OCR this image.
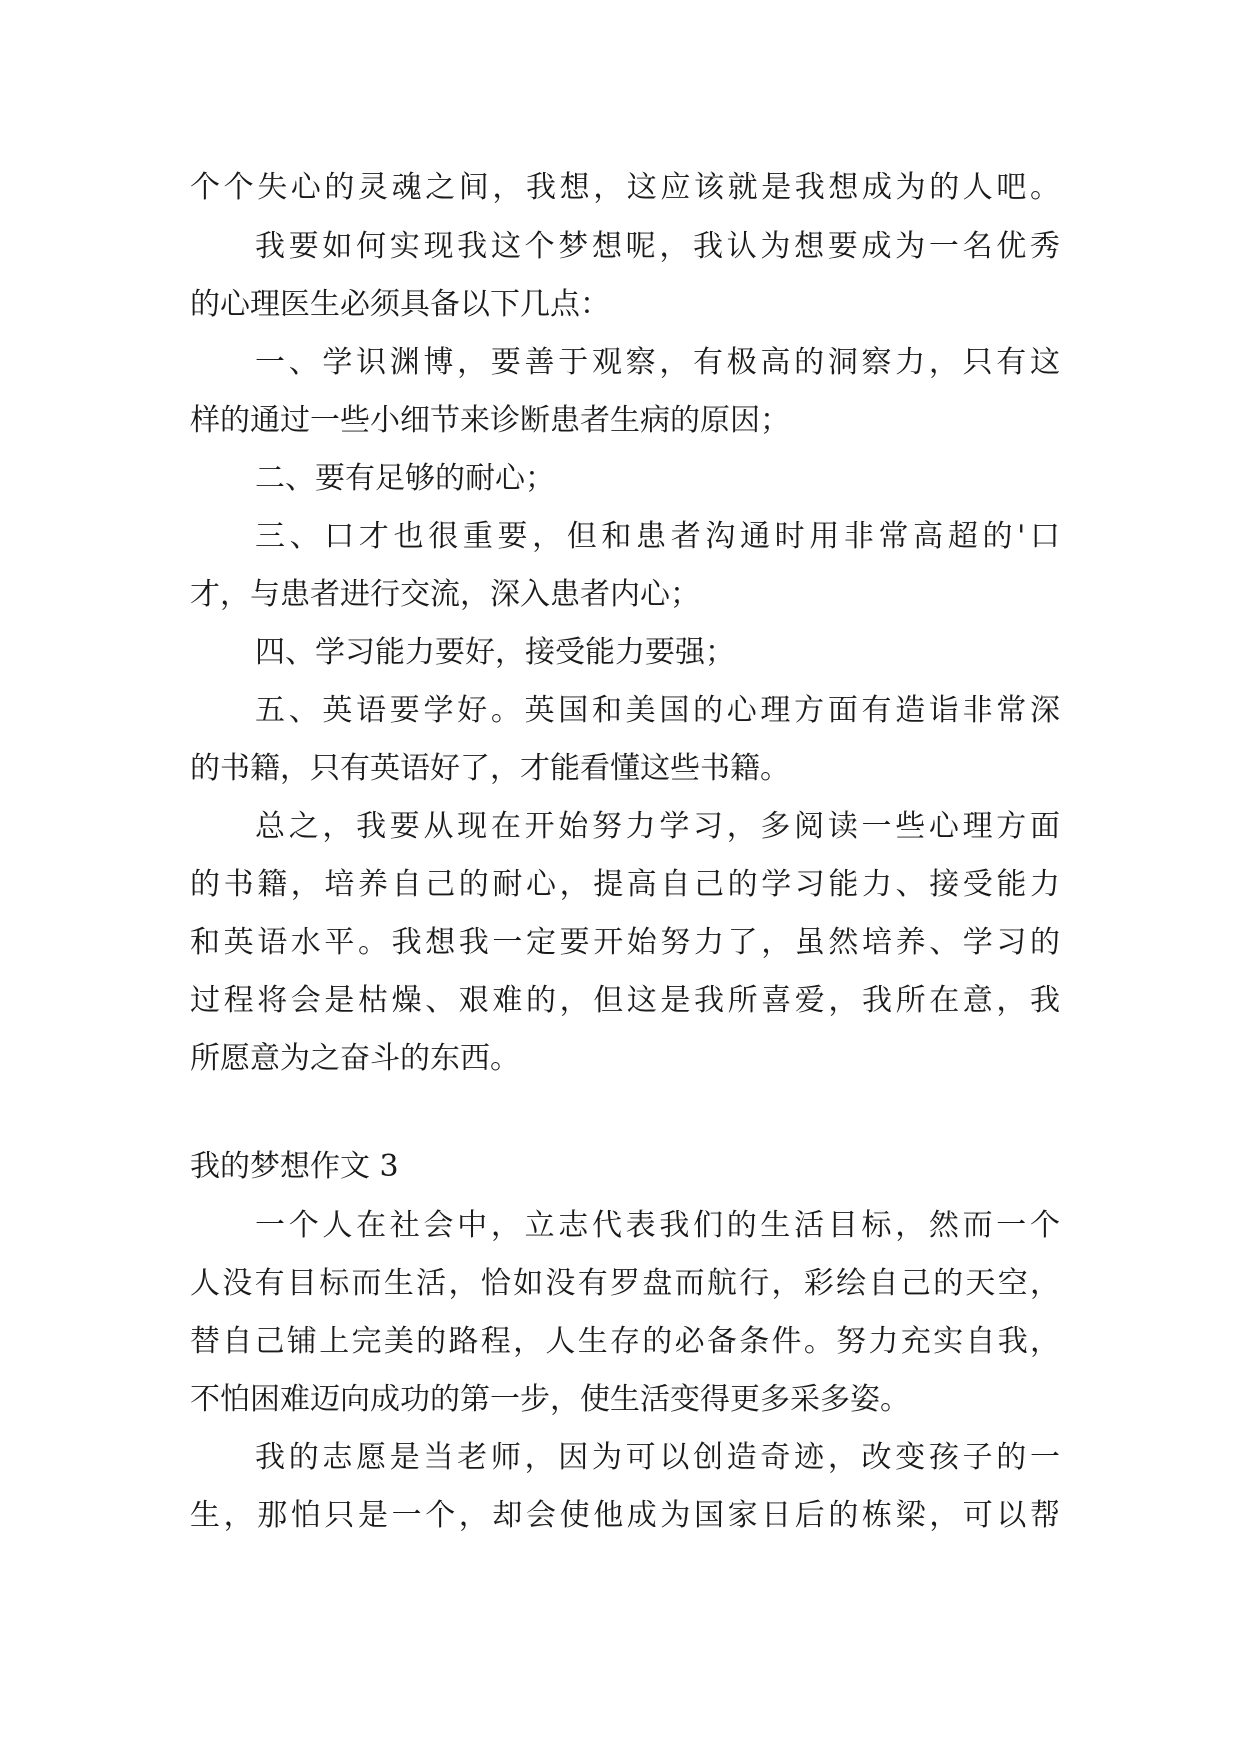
个个失心的灵魂之间，我想，这应该就是我想成为的人吧。
我要如何实现我这个梦想呢，我认为想要成为一名优秀
的心理医生必须具备以下几点：
一、学识渊博，要善于观察，有极高的洞察力，只有这
样的通过一些小细节来诊断患者生病的原因；
二、要有足够的耐心；
三、口才也很重要，但和患者沟通时用非常高超的'口
才，与患者进行交流，深入患者内心；
四、学习能力要好，接受能力要强；
五、英语要学好。英国和美国的心理方面有造诣非常深
的书籍，只有英语好了，才能看懂这些书籍。
总之，我要从现在开始努力学习，多阅读一些心理方面
的书籍，培养自己的耐心，提高自己的学习能力、接受能力
和英语水平。我想我一定要开始努力了，虽然培养、学习的
过程将会是枯燥、艰难的，但这是我所喜爱，我所在意，我
所愿意为之奋斗的东西。
我的梦想作文 3
一个人在社会中，立志代表我们的生活目标，然而一个
人没有目标而生活，恰如没有罗盘而航行，彩绘自己的天空，
替自己铺上完美的路程，人生存的必备条件。努力充实自我，
不怕困难迈向成功的第一步，使生活变得更多采多姿。
我的志愿是当老师，因为可以创造奇迹，改变孩子的一
生，那怕只是一个，却会使他成为国家日后的栋梁，可以帮
